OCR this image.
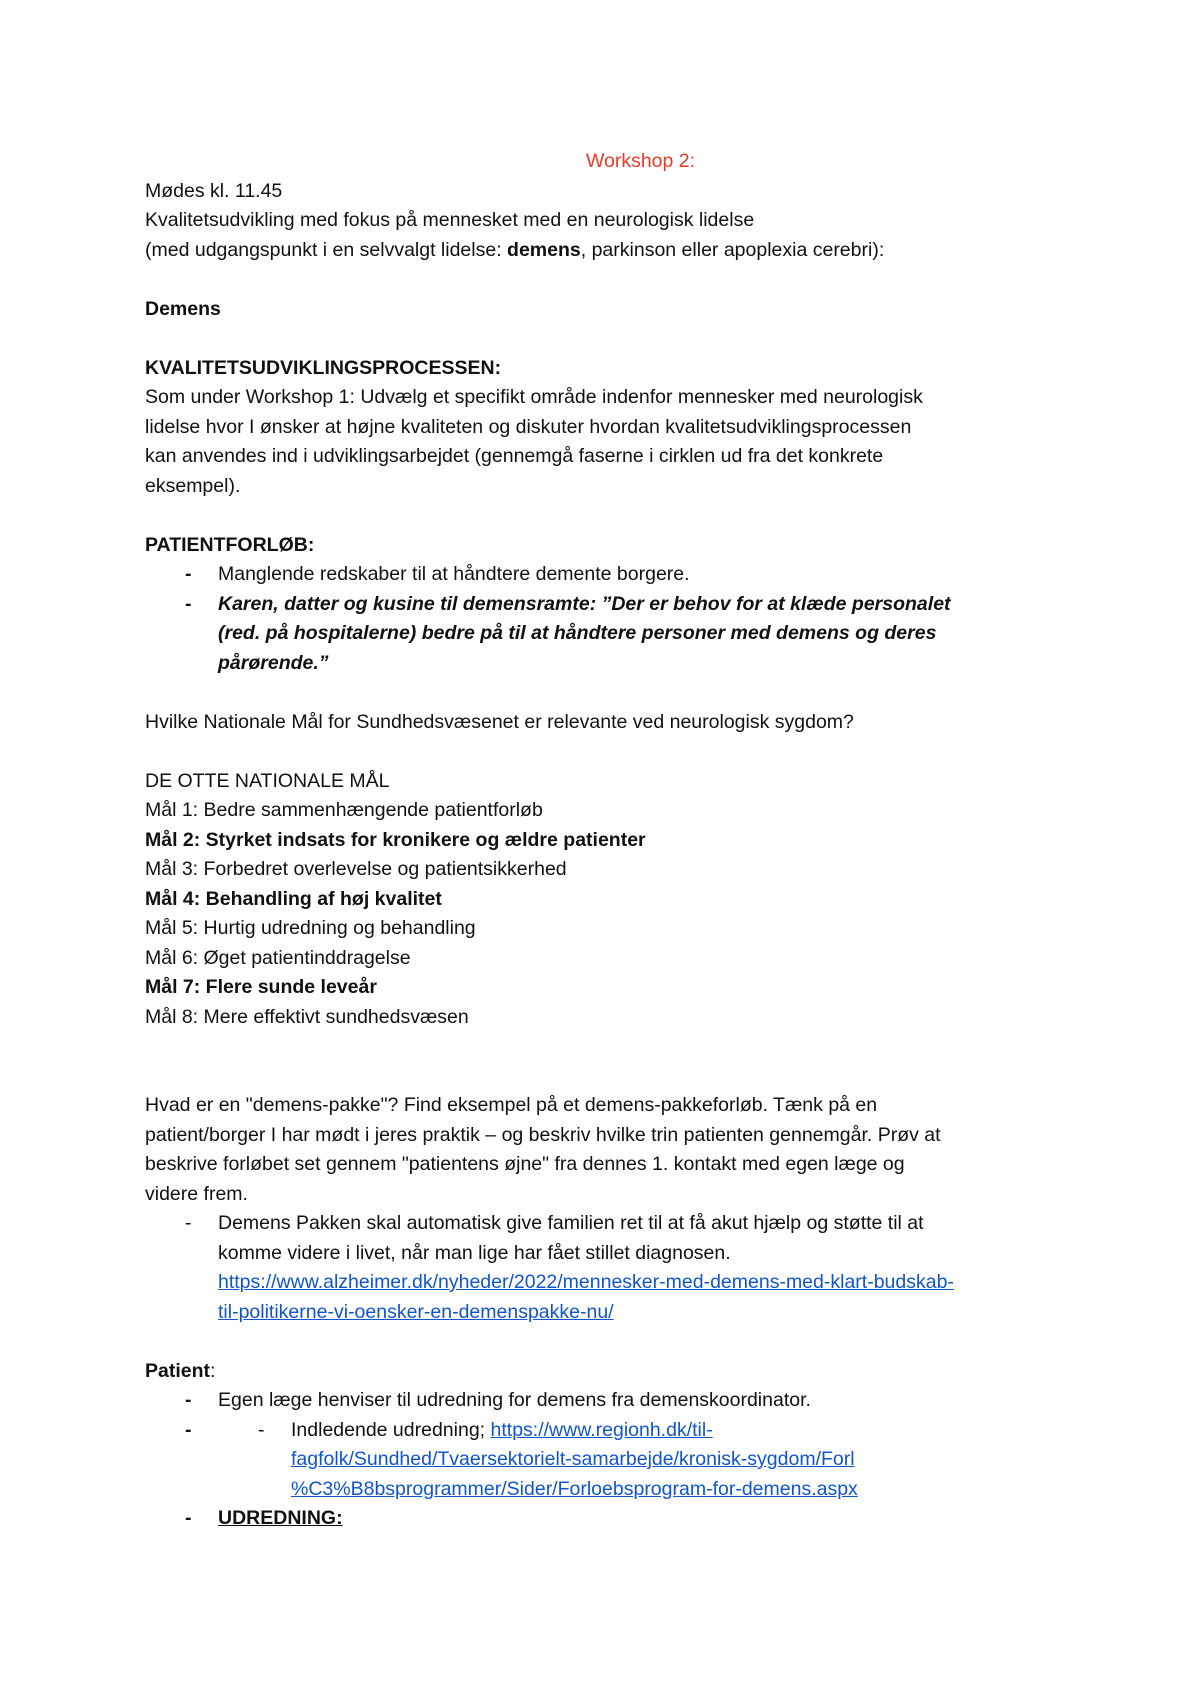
Workshop 2:
Mødes kl. 11.45
Kvalitetsudvikling med fokus på mennesket med en neurologisk lidelse
(med udgangspunkt i en selvvalgt lidelse: demens, parkinson eller apoplexia cerebri):
Demens
KVALITETSUDVIKLINGSPROCESSEN:
Som under Workshop 1: Udvælg et specifikt område indenfor mennesker med neurologisk
lidelse hvor I ønsker at højne kvaliteten og diskuter hvordan kvalitetsudviklingsprocessen
kan anvendes ind i udviklingsarbejdet (gennemgå faserne i cirklen ud fra det konkrete
eksempel).
PATIENTFORLØB:
- Manglende redskaber til at håndtere demente borgere.
- Karen, datter og kusine til demensramte: ”Der er behov for at klæde personalet
(red. på hospitalerne) bedre på til at håndtere personer med demens og deres
pårørende.”
Hvilke Nationale Mål for Sundhedsvæsenet er relevante ved neurologisk sygdom?
DE OTTE NATIONALE MÅL
Mål 1: Bedre sammenhængende patientforløb
Mål 2: Styrket indsats for kronikere og ældre patienter
Mål 3: Forbedret overlevelse og patientsikkerhed
Mål 4: Behandling af høj kvalitet
Mål 5: Hurtig udredning og behandling
Mål 6: Øget patientinddragelse
Mål 7: Flere sunde leveår
Mål 8: Mere effektivt sundhedsvæsen
Hvad er en "demens-pakke"? Find eksempel på et demens-pakkeforløb. Tænk på en
patient/borger I har mødt i jeres praktik – og beskriv hvilke trin patienten gennemgår. Prøv at
beskrive forløbet set gennem "patientens øjne" fra dennes 1. kontakt med egen læge og
videre frem.
- Demens Pakken skal automatisk give familien ret til at få akut hjælp og støtte til at
komme videre i livet, når man lige har fået stillet diagnosen.
https://www.alzheimer.dk/nyheder/2022/mennesker-med-demens-med-klart-budskab-
til-politikerne-vi-oensker-en-demenspakke-nu/
Patient:
- Egen læge henviser til udredning for demens fra demenskoordinator.
- - Indledende udredning; https://www.regionh.dk/til-
fagfolk/Sundhed/Tvaersektorielt-samarbejde/kronisk-sygdom/Forl
%C3%B8bsprogrammer/Sider/Forloebsprogram-for-demens.aspx
- UDREDNING:
